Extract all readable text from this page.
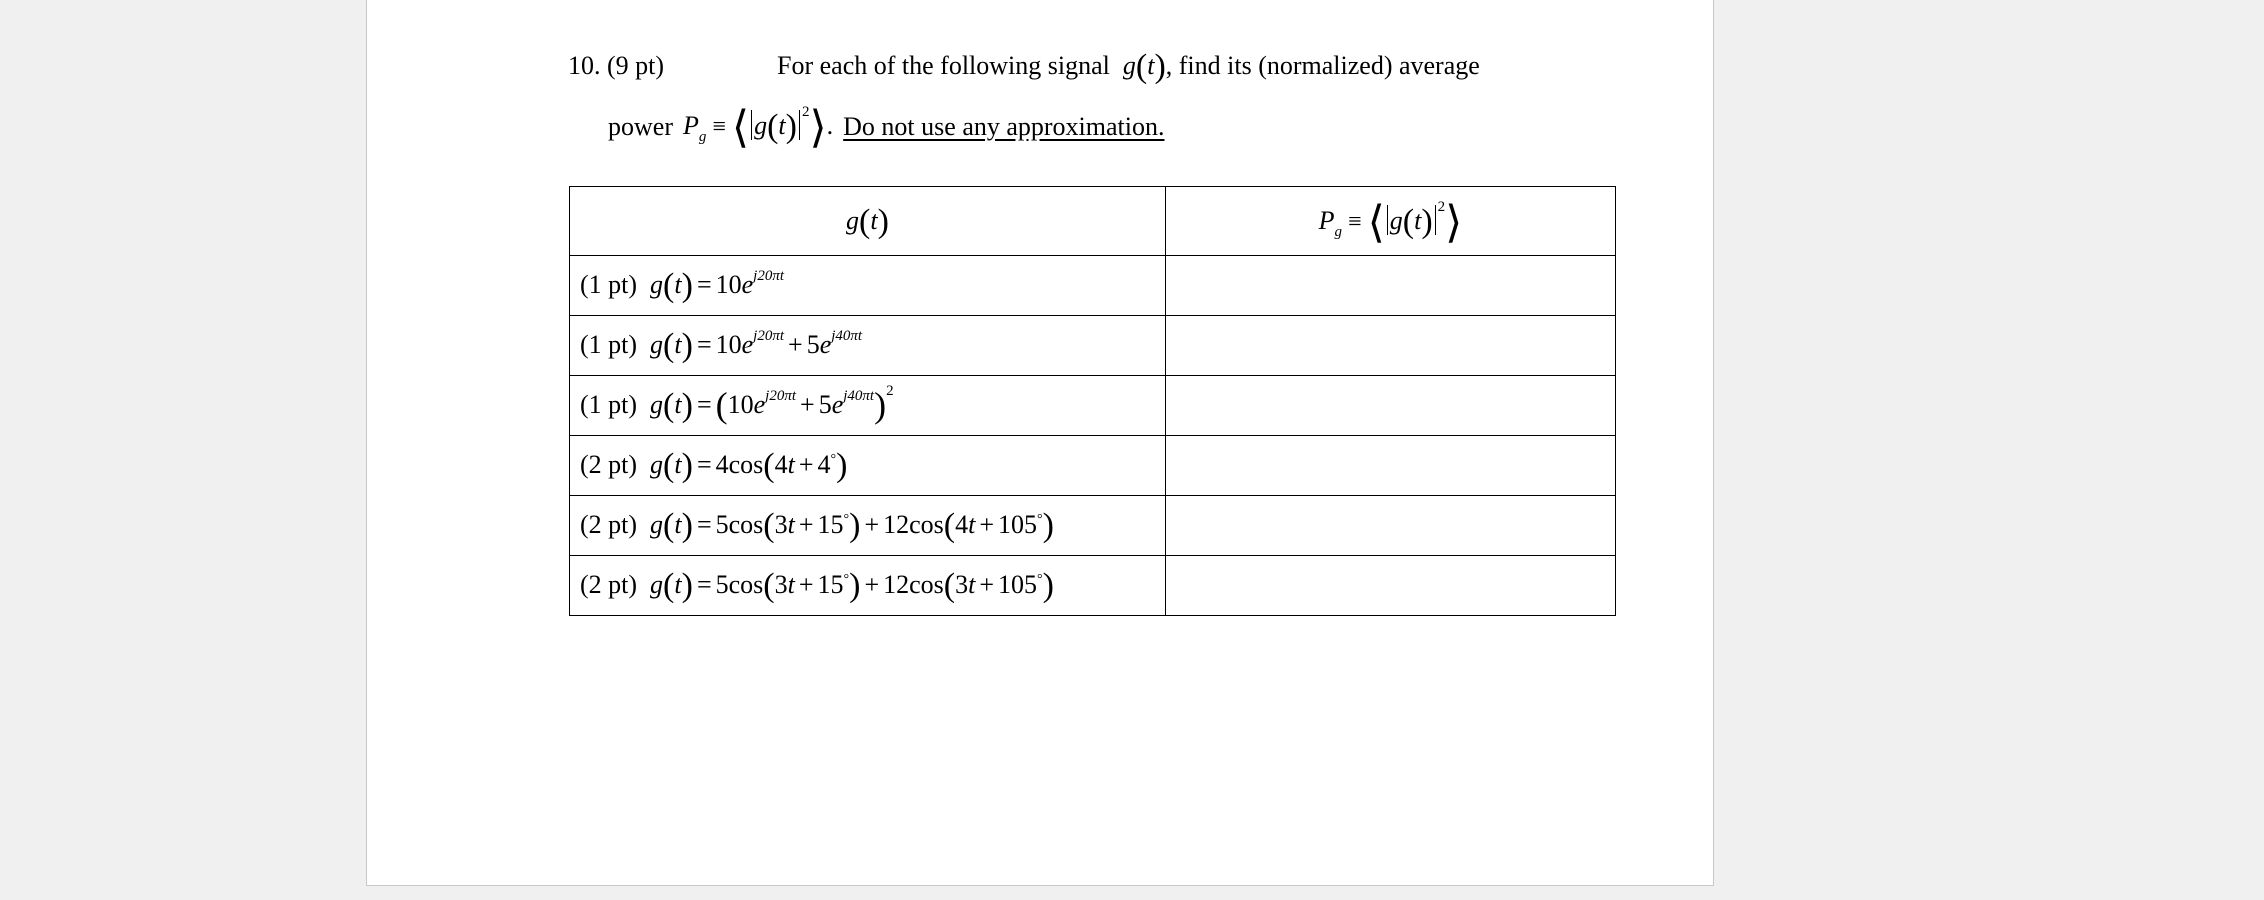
10. (9 pt)	For each of the following signal  g(t), find its (normalized) average
power $P_g$ ≡ ⟨ g(t) $^2$⟩. Do not use any approximation.
g(t)	$P_g$ ≡ ⟨ g(t) $^2$⟩
(1 pt)  $g(t) = 10e^{j20\pi t}$	
(1 pt)  $g(t) = 10e^{j20\pi t} + 5e^{j40\pi t}$	
(1 pt)  $g(t) = (10e^{j20\pi t} + 5e^{j40\pi t})^2$	
(2 pt)  g(t) = 4cos(4t + 4°)	
(2 pt)  g(t) = 5cos(3t + 15°) + 12cos(4t + 105°)	
(2 pt)  g(t) = 5cos(3t + 15°) + 12cos(3t + 105°)	
